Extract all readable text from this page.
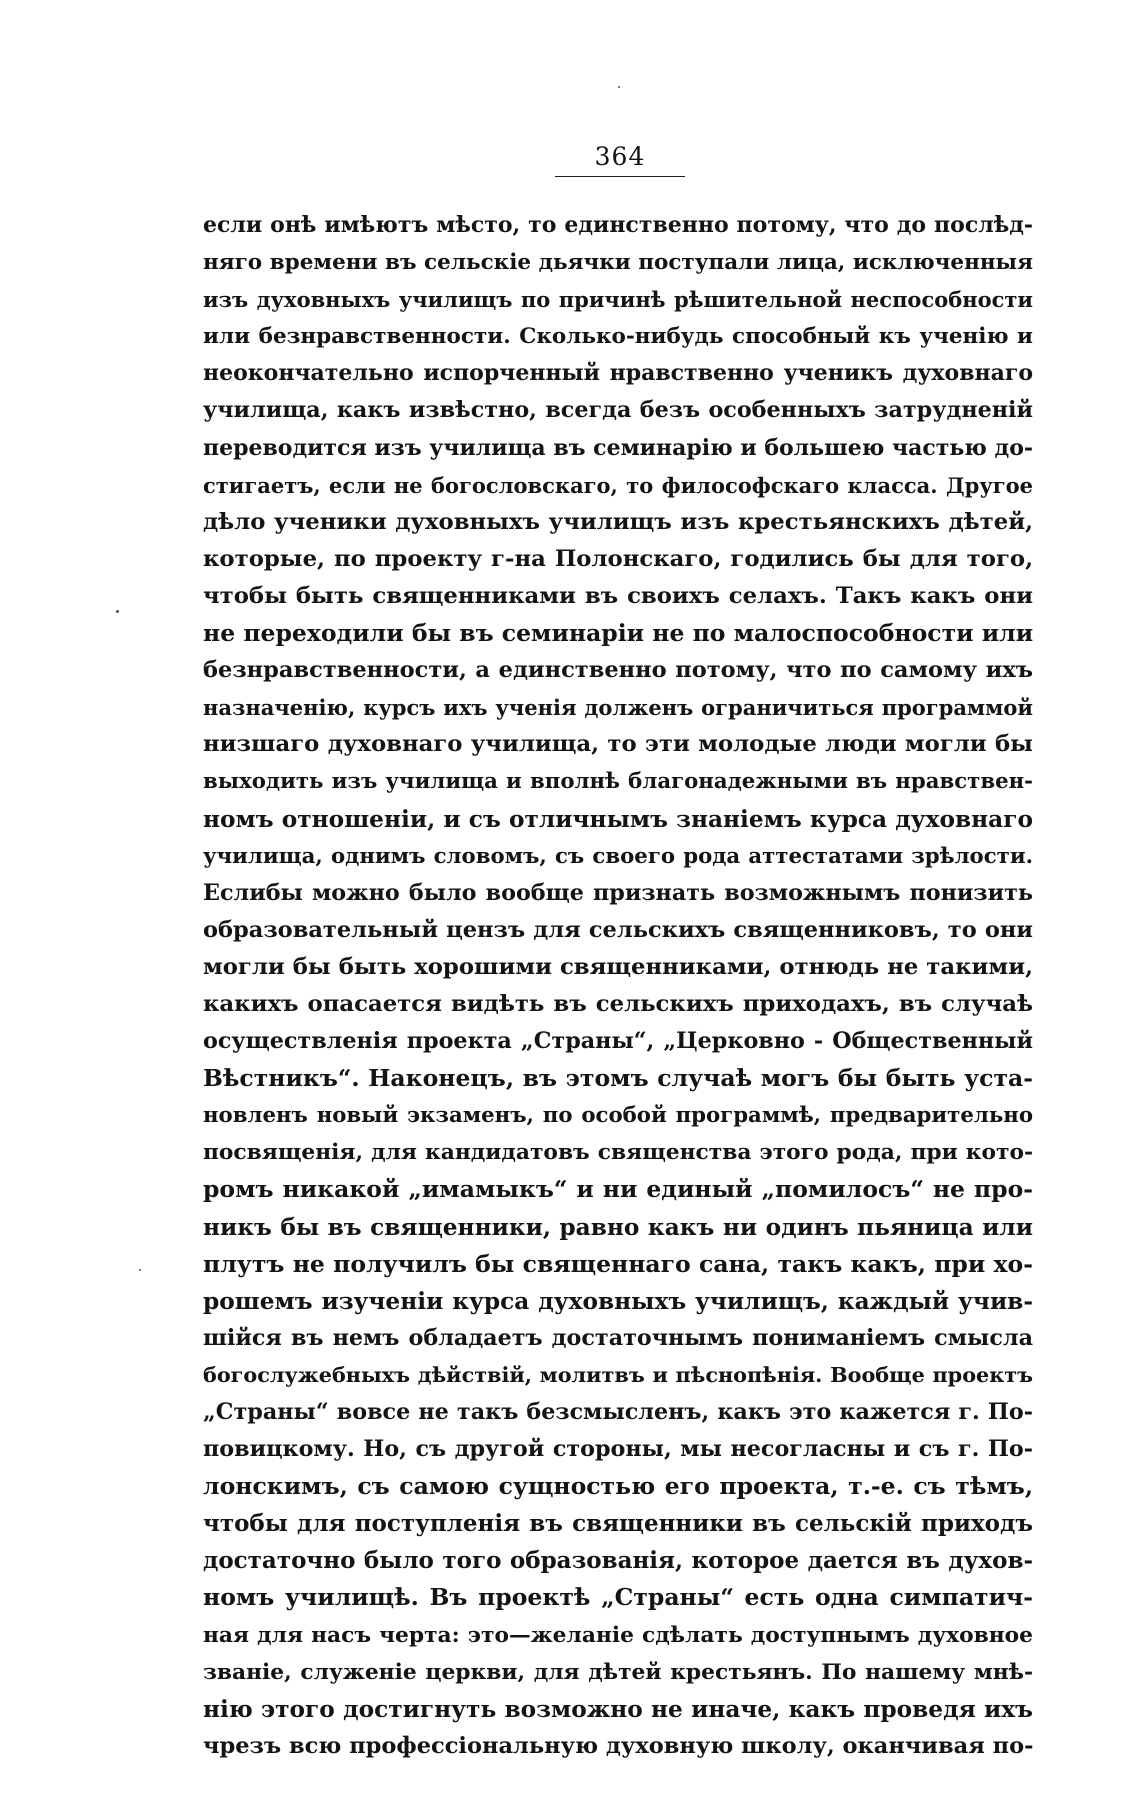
364
если онѣ имѣютъ мѣсто, то единственно потому, что до послѣд-
няго времени въ сельскіе дьячки поступали лица, исключенныя
изъ духовныхъ училищъ по причинѣ рѣшительной неспособности
или безнравственности. Сколько-нибудь способный къ ученію и
неокончательно испорченный нравственно ученикъ духовнаго
училища, какъ извѣстно, всегда безъ особенныхъ затрудненій
переводится изъ училища въ семинарію и большею частью до-
стигаетъ, если не богословскаго, то философскаго класса. Другое
дѣло ученики духовныхъ училищъ изъ крестьянскихъ дѣтей,
которые, по проекту г-на Полонскаго, годились бы для того,
чтобы быть священниками въ своихъ селахъ. Такъ какъ они
не переходили бы въ семинаріи не по малоспособности или
безнравственности, а единственно потому, что по самому ихъ
назначенію, курсъ ихъ ученія долженъ ограничиться программой
низшаго духовнаго училища, то эти молодые люди могли бы
выходить изъ училища и вполнѣ благонадежными въ нравствен-
номъ отношеніи, и съ отличнымъ знаніемъ курса духовнаго
училища, однимъ словомъ, съ своего рода аттестатами зрѣлости.
Еслибы можно было вообще признать возможнымъ понизить
образовательный цензъ для сельскихъ священниковъ, то они
могли бы быть хорошими священниками, отнюдь не такими,
какихъ опасается видѣть въ сельскихъ приходахъ, въ случаѣ
осуществленія проекта „Страны“, „Церковно - Общественный
Вѣстникъ“. Наконецъ, въ этомъ случаѣ могъ бы быть уста-
новленъ новый экзаменъ, по особой программѣ, предварительно
посвященія, для кандидатовъ священства этого рода, при кото-
ромъ никакой „имамыкъ“ и ни единый „помилосъ“ не про-
никъ бы въ священники, равно какъ ни одинъ пьяница или
плутъ не получилъ бы священнаго сана, такъ какъ, при хо-
рошемъ изученіи курса духовныхъ училищъ, каждый учив-
шійся въ немъ обладаетъ достаточнымъ пониманіемъ смысла
богослужебныхъ дѣйствій, молитвъ и пѣснопѣнія. Вообще проектъ
„Страны“ вовсе не такъ безсмысленъ, какъ это кажется г. По-
повицкому. Но, съ другой стороны, мы несогласны и съ г. По-
лонскимъ, съ самою сущностью его проекта, т.-е. съ тѣмъ,
чтобы для поступленія въ священники въ сельскій приходъ
достаточно было того образованія, которое дается въ духов-
номъ училищѣ. Въ проектѣ „Страны“ есть одна симпатич-
ная для насъ черта: это—желаніе сдѣлать доступнымъ духовное
званіе, служеніе церкви, для дѣтей крестьянъ. По нашему мнѣ-
нію этого достигнуть возможно не иначе, какъ проведя ихъ
чрезъ всю профессіональную духовную школу, оканчивая по-
